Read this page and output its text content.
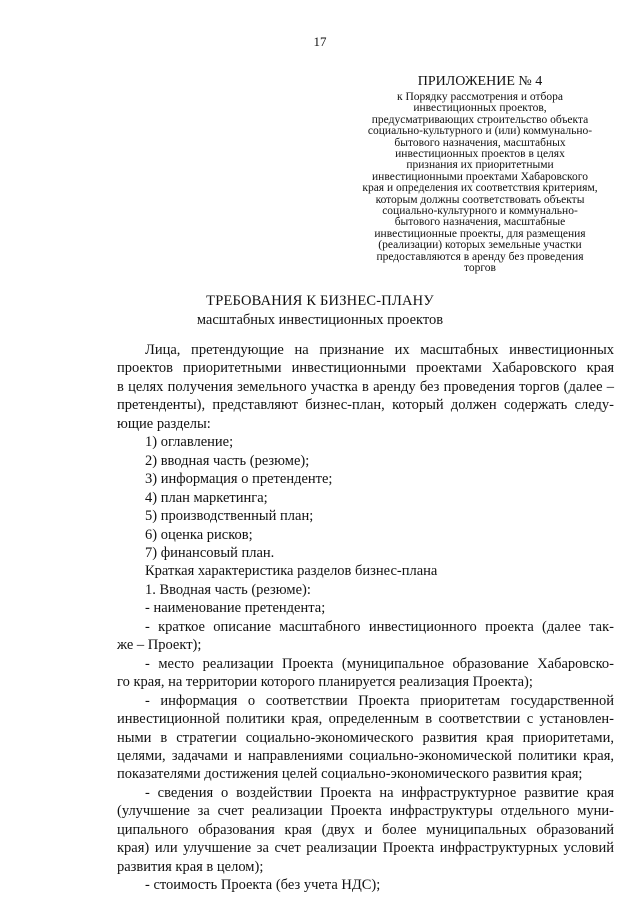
17
ПРИЛОЖЕНИЕ № 4
к Порядку рассмотрения и отбора
инвестиционных проектов,
предусматривающих строительство объекта
социально-культурного и (или) коммунально-
бытового назначения, масштабных
инвестиционных проектов в целях
признания их приоритетными
инвестиционными проектами Хабаровского
края и определения их соответствия критериям,
которым должны соответствовать объекты
социально-культурного и коммунально-
бытового назначения, масштабные
инвестиционные проекты, для размещения
(реализации) которых земельные участки
предоставляются в аренду без проведения
торгов
ТРЕБОВАНИЯ К БИЗНЕС-ПЛАНУ
масштабных инвестиционных проектов
Лица, претендующие на признание их масштабных инвестиционных
проектов приоритетными инвестиционными проектами Хабаровского края
в целях получения земельного участка в аренду без проведения торгов (далее –
претенденты), представляют бизнес-план, который должен содержать следу-
ющие разделы:
1) оглавление;
2) вводная часть (резюме);
3) информация о претенденте;
4) план маркетинга;
5) производственный план;
6) оценка рисков;
7) финансовый план.
Краткая характеристика разделов бизнес-плана
1. Вводная часть (резюме):
- наименование претендента;
- краткое описание масштабного инвестиционного проекта (далее так-
же – Проект);
- место реализации Проекта (муниципальное образование Хабаровско-
го края, на территории которого планируется реализация Проекта);
- информация о соответствии Проекта приоритетам государственной
инвестиционной политики края, определенным в соответствии с установлен-
ными в стратегии социально-экономического развития края приоритетами,
целями, задачами и направлениями социально-экономической политики края,
показателями достижения целей социально-экономического развития края;
- сведения о воздействии Проекта на инфраструктурное развитие края
(улучшение за счет реализации Проекта инфраструктуры отдельного муни-
ципального образования края (двух и более муниципальных образований
края) или улучшение за счет реализации Проекта инфраструктурных условий
развития края в целом);
- стоимость Проекта (без учета НДС);
